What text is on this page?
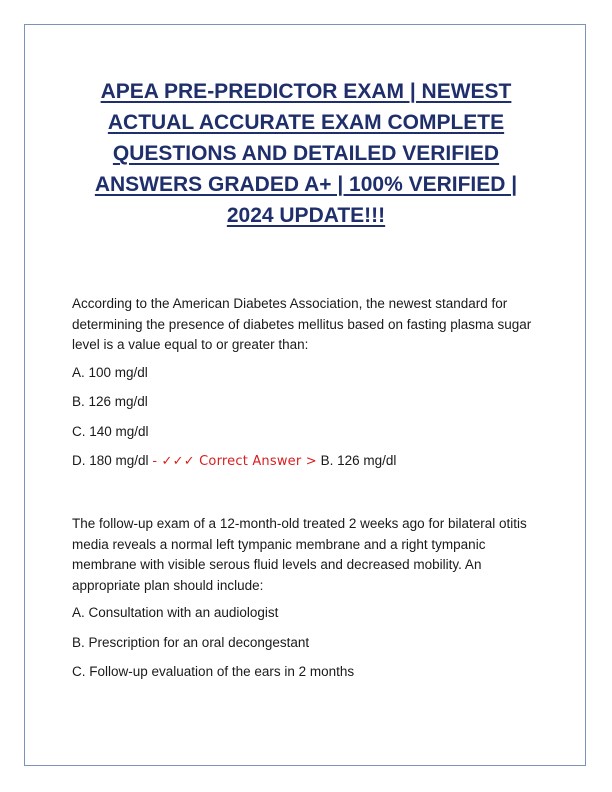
APEA PRE-PREDICTOR EXAM | NEWEST ACTUAL ACCURATE EXAM COMPLETE QUESTIONS AND DETAILED VERIFIED ANSWERS GRADED A+ | 100% VERIFIED | 2024 UPDATE!!!

According to the American Diabetes Association, the newest standard for determining the presence of diabetes mellitus based on fasting plasma sugar level is a value equal to or greater than:

A. 100 mg/dl

B. 126 mg/dl

C. 140 mg/dl

D. 180 mg/dl - ✓✓✓ Correct Answer > B. 126 mg/dl

The follow-up exam of a 12-month-old treated 2 weeks ago for bilateral otitis media reveals a normal left tympanic membrane and a right tympanic membrane with visible serous fluid levels and decreased mobility. An appropriate plan should include:

A. Consultation with an audiologist

B. Prescription for an oral decongestant

C. Follow-up evaluation of the ears in 2 months
